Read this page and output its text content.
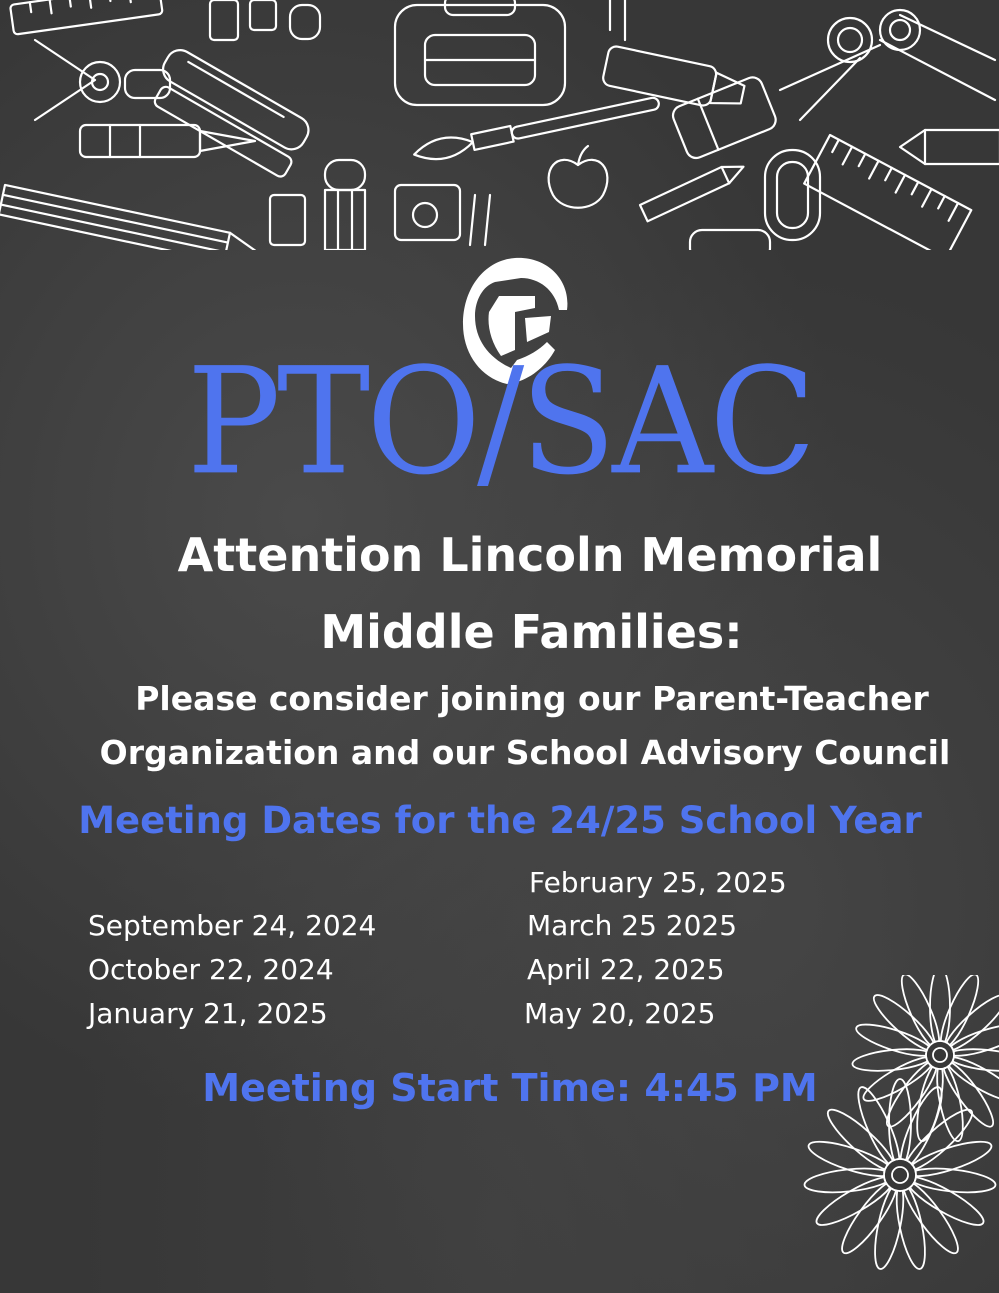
PTO/SAC
Attention Lincoln Memorial
Middle Families:
Please consider joining our Parent-Teacher
Organization and our School Advisory Council
Meeting Dates for the 24/25 School Year
September 24, 2024
October 22, 2024
January 21, 2025
February 25, 2025
March 25 2025
April 22, 2025
May 20, 2025
Meeting Start Time: 4:45 PM
